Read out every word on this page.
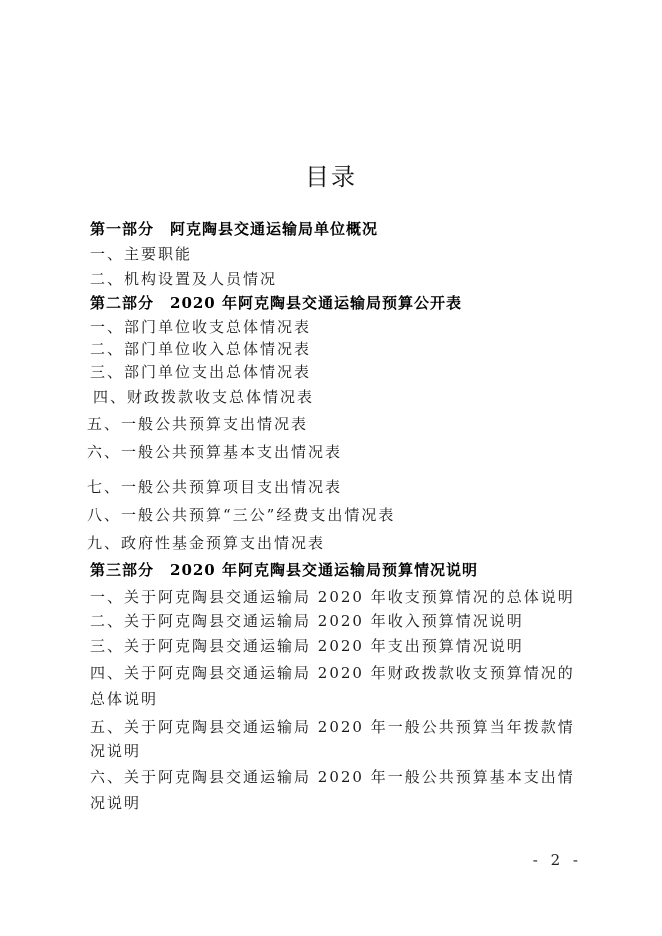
目录
第一部分　阿克陶县交通运输局单位概况
一、主要职能
二、机构设置及人员情况
第二部分　2020 年阿克陶县交通运输局预算公开表
一、部门单位收支总体情况表
二、部门单位收入总体情况表
三、部门单位支出总体情况表
四、财政拨款收支总体情况表
五、一般公共预算支出情况表
六、一般公共预算基本支出情况表
七、一般公共预算项目支出情况表
八、一般公共预算“三公”经费支出情况表
九、政府性基金预算支出情况表
第三部分　2020 年阿克陶县交通运输局预算情况说明
一、关于阿克陶县交通运输局 2020 年收支预算情况的总体说明
二、关于阿克陶县交通运输局 2020 年收入预算情况说明
三、关于阿克陶县交通运输局 2020 年支出预算情况说明
四、关于阿克陶县交通运输局 2020 年财政拨款收支预算情况的
总体说明
五、关于阿克陶县交通运输局 2020 年一般公共预算当年拨款情
况说明
六、关于阿克陶县交通运输局 2020 年一般公共预算基本支出情
况说明
- 2 -
